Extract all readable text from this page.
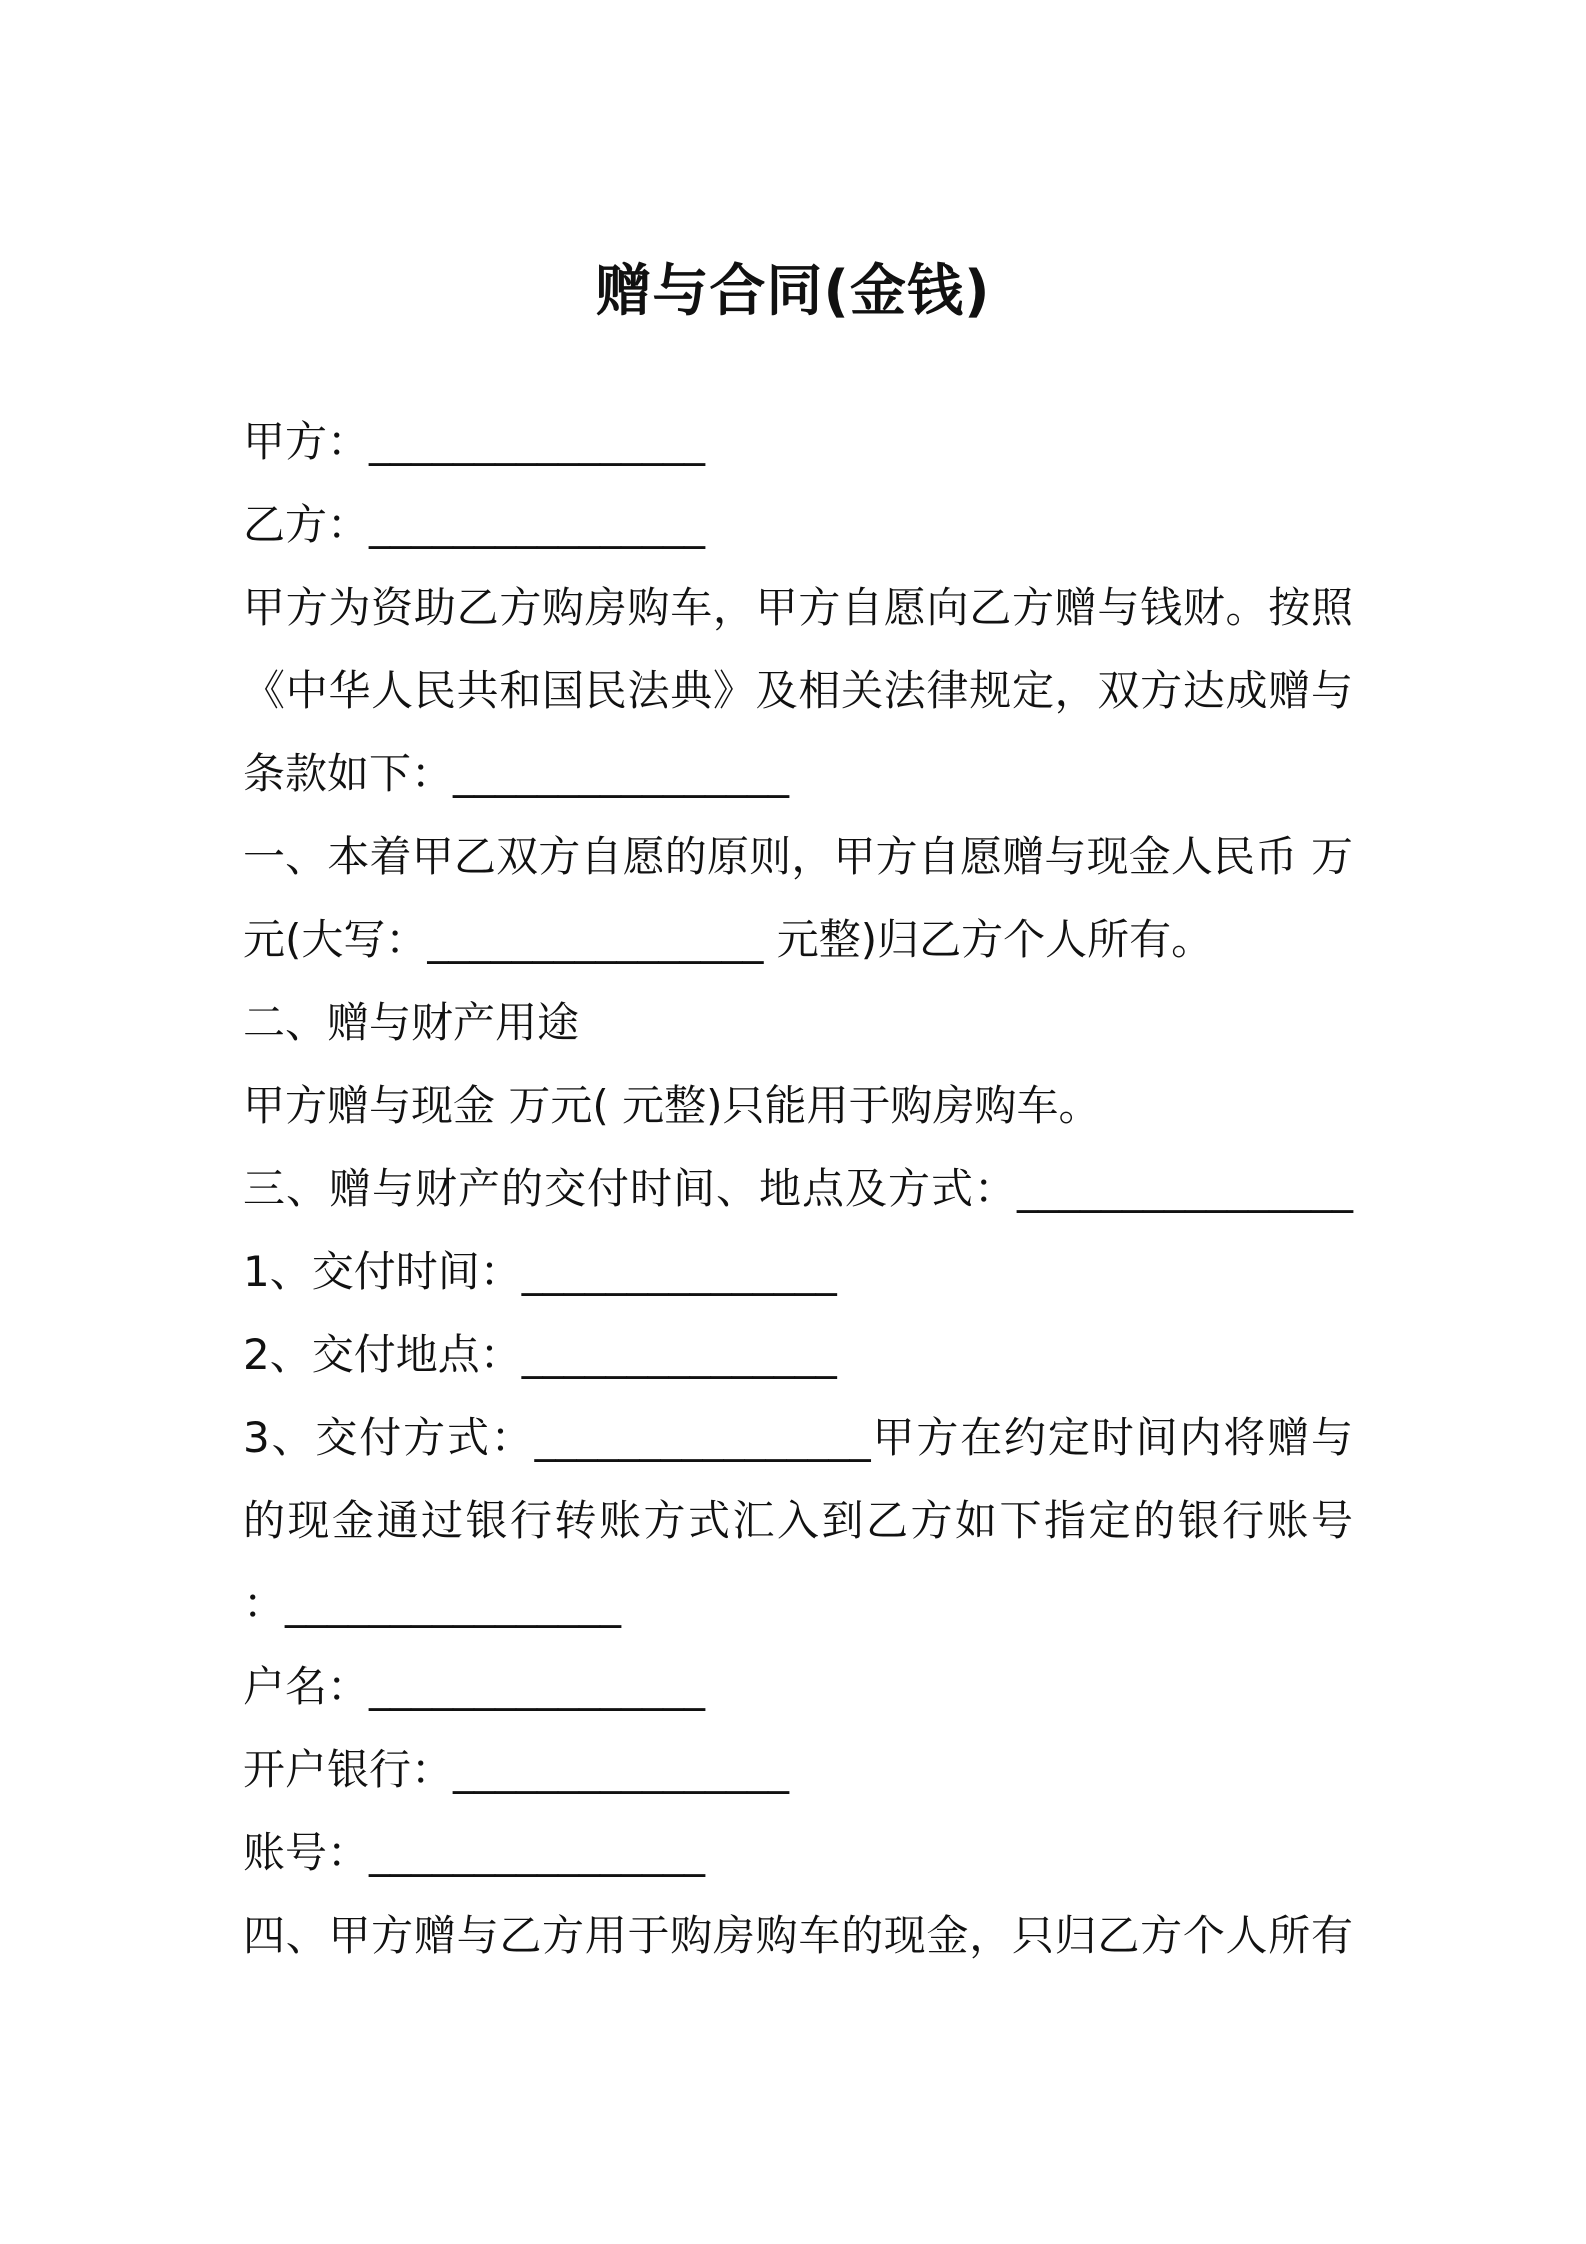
赠与合同(金钱)
甲方：________________
乙方：________________
甲方为资助乙方购房购车，甲方自愿向乙方赠与钱财。按照
《中华人民共和国民法典》及相关法律规定，双方达成赠与
条款如下：________________
一、本着甲乙双方自愿的原则，甲方自愿赠与现金人民币 万
元(大写：________________ 元整)归乙方个人所有。
二、赠与财产用途
甲方赠与现金 万元( 元整)只能用于购房购车。
三、赠与财产的交付时间、地点及方式：________________
1、交付时间：_______________
2、交付地点：_______________
3、交付方式：________________甲方在约定时间内将赠与
的现金通过银行转账方式汇入到乙方如下指定的银行账号
：________________
户名：________________
开户银行：________________
账号：________________
四、甲方赠与乙方用于购房购车的现金，只归乙方个人所有
